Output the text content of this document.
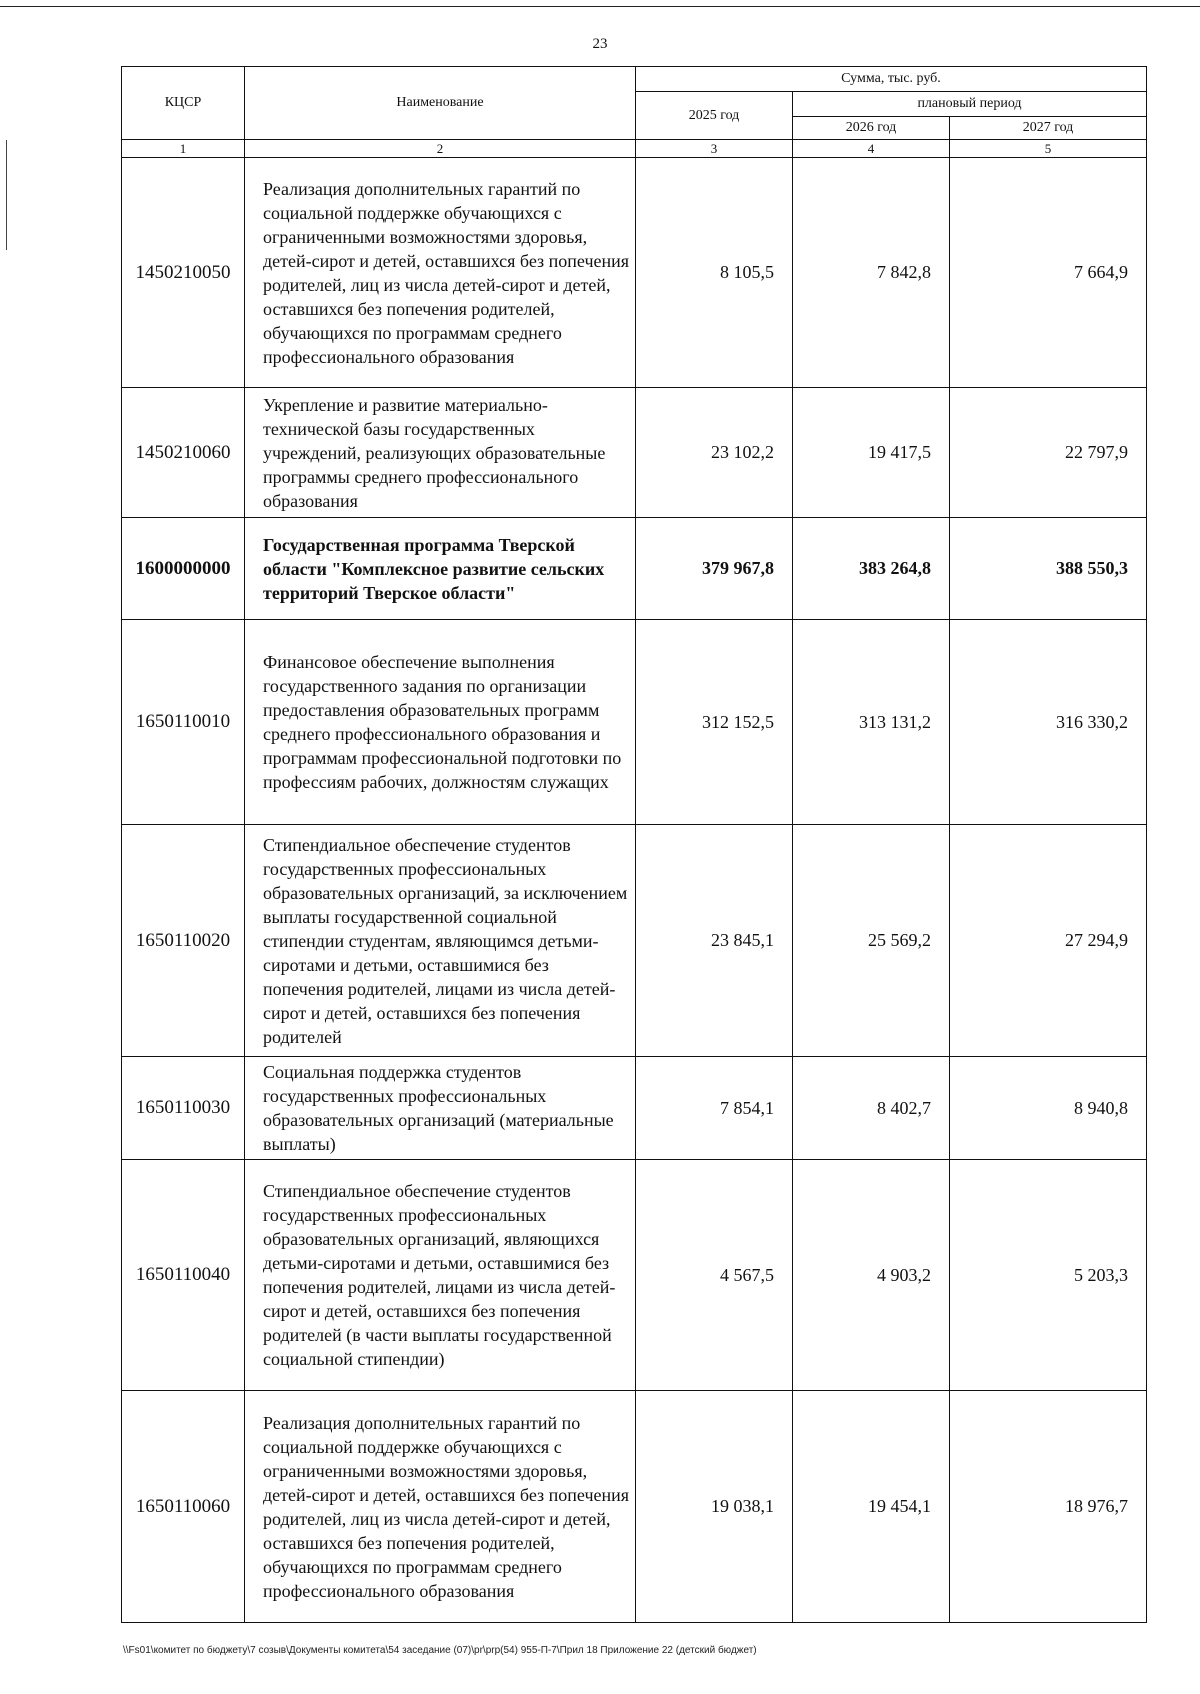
23
КЦСР	Наименование	Сумма, тыс. руб.		
		2025 год	плановый период	
			2026 год	2027 год
1	2	3	4	5
1450210050	Реализация дополнительных гарантий по социальной поддержке обучающихся с ограниченными возможностями здоровья, детей-сирот и детей, оставшихся без попечения родителей, лиц из числа детей-сирот и детей, оставшихся без попечения родителей, обучающихся по программам среднего профессионального образования	8 105,5	7 842,8	7 664,9
1450210060	Укрепление и развитие материально-технической базы государственных учреждений, реализующих образовательные программы среднего профессионального образования	23 102,2	19 417,5	22 797,9
1600000000	Государственная программа Тверской области "Комплексное развитие сельских территорий Тверское области"	379 967,8	383 264,8	388 550,3
1650110010	Финансовое обеспечение выполнения государственного задания по организации предоставления образовательных программ среднего профессионального образования и программам профессиональной подготовки по профессиям рабочих, должностям служащих	312 152,5	313 131,2	316 330,2
1650110020	Стипендиальное обеспечение студентов государственных профессиональных образовательных организаций, за исключением выплаты государственной социальной стипендии студентам, являющимся детьми-сиротами и детьми, оставшимися без попечения родителей, лицами из числа детей-сирот и детей, оставшихся без попечения родителей	23 845,1	25 569,2	27 294,9
1650110030	Социальная поддержка студентов государственных профессиональных образовательных организаций (материальные выплаты)	7 854,1	8 402,7	8 940,8
1650110040	Стипендиальное обеспечение студентов государственных профессиональных образовательных организаций, являющихся детьми-сиротами и детьми, оставшимися без попечения родителей, лицами из числа детей-сирот и детей, оставшихся без попечения родителей (в части выплаты государственной социальной стипендии)	4 567,5	4 903,2	5 203,3
1650110060	Реализация дополнительных гарантий по социальной поддержке обучающихся с ограниченными возможностями здоровья, детей-сирот и детей, оставшихся без попечения родителей, лиц из числа детей-сирот и детей, оставшихся без попечения родителей, обучающихся по программам среднего профессионального образования	19 038,1	19 454,1	18 976,7
\\Fs01\комитет по бюджету\7 созыв\Документы комитета\54 заседание (07)\pr\prp(54) 955-П-7\Прил 18 Приложение 22 (детский бюджет)
